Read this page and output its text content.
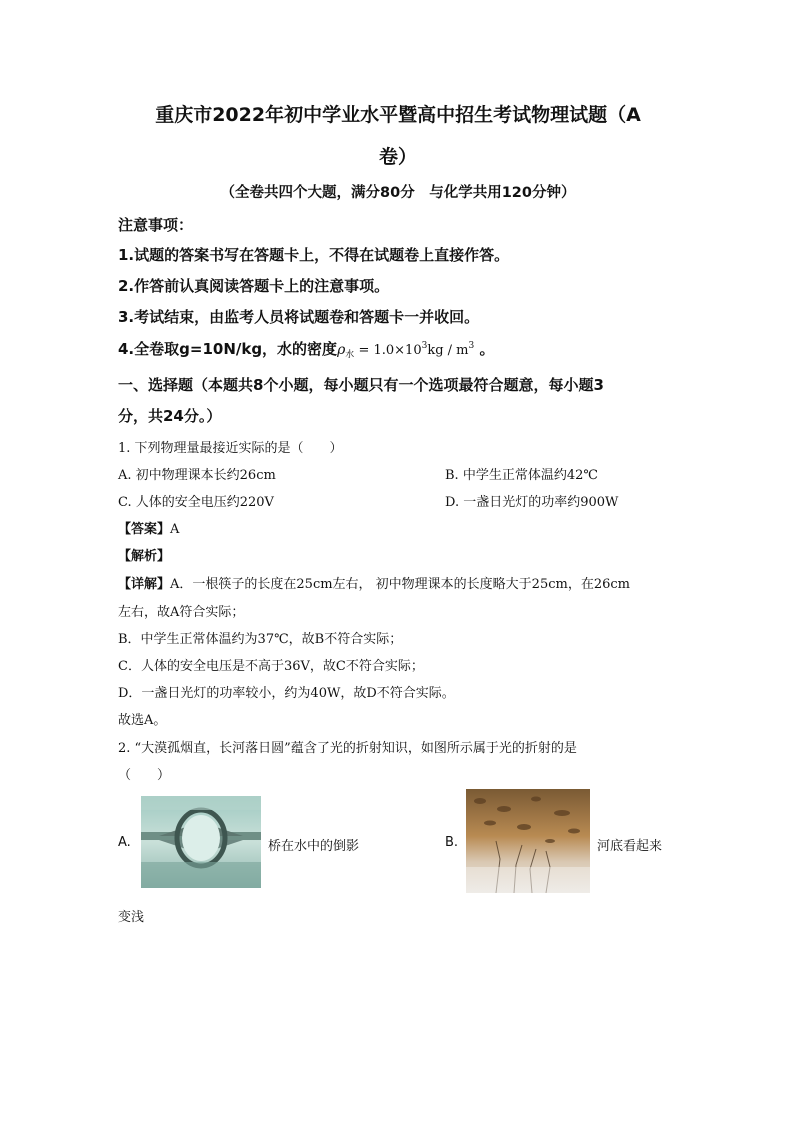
重庆市2022年初中学业水平暨高中招生考试物理试题（A
卷）
（全卷共四个大题，满分80分　与化学共用120分钟）
注意事项：
1.试题的答案书写在答题卡上，不得在试题卷上直接作答。
2.作答前认真阅读答题卡上的注意事项。
3.考试结束，由监考人员将试题卷和答题卡一并收回。
4.全卷取g=10N/kg，水的密度$\rho_水 = 1.0\times 10^3kg / m^3$ 。
一、选择题（本题共8个小题，每小题只有一个选项最符合题意，每小题3
分，共24分。）
1. 下列物理量最接近实际的是（　　）
A. 初中物理课本长约26cm	B. 中学生正常体温约42℃
C. 人体的安全电压约220V	D. 一盏日光灯的功率约900W
【答案】A
【解析】
【详解】A．一根筷子的长度在25cm左右， 初中物理课本的长度略大于25cm，在26cm
左右，故A符合实际；
B．中学生正常体温约为37℃，故B不符合实际；
C．人体的安全电压是不高于36V，故C不符合实际；
D．一盏日光灯的功率较小，约为40W，故D不符合实际。
故选A。
2. “大漠孤烟直，长河落日圆”蕴含了光的折射知识，如图所示属于光的折射的是
（　　）
A.	桥在水中的倒影	B.	河底看起来
变浅
